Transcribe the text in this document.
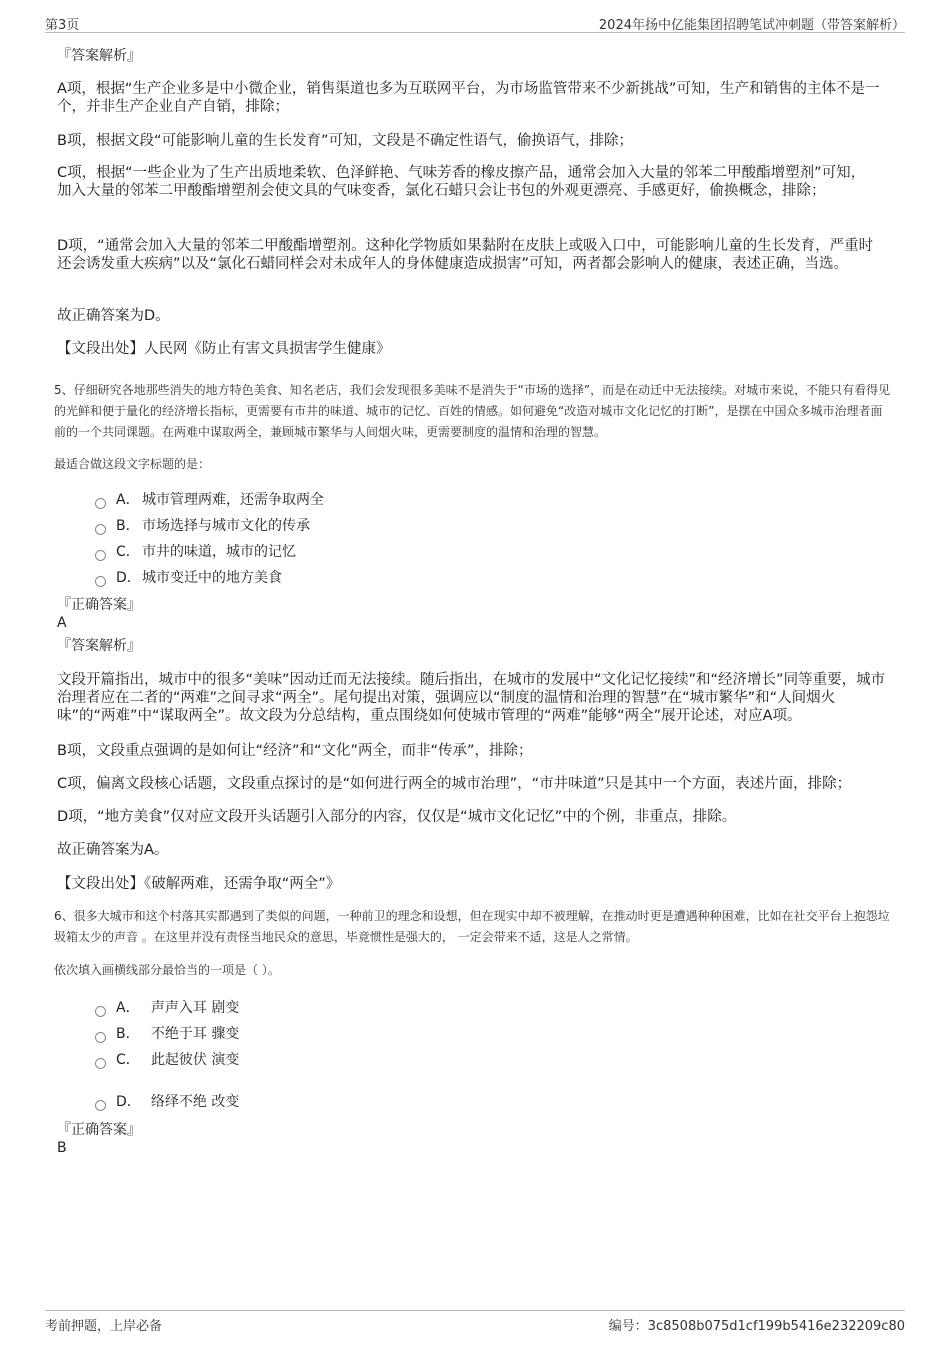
第3页	2024年扬中亿能集团招聘笔试冲刺题（带答案解析）

『答案解析』

A项，根据“生产企业多是中小微企业，销售渠道也多为互联网平台，为市场监管带来不少新挑战”可知，生产和销售的主体不是一个，并非生产企业自产自销，排除；

B项，根据文段“可能影响儿童的生长发育”可知，文段是不确定性语气，偷换语气，排除；

C项，根据“一些企业为了生产出质地柔软、色泽鲜艳、气味芳香的橡皮擦产品，通常会加入大量的邻苯二甲酸酯增塑剂”可知，加入大量的邻苯二甲酸酯增塑剂会使文具的气味变香，氯化石蜡只会让书包的外观更漂亮、手感更好，偷换概念，排除；

D项，“通常会加入大量的邻苯二甲酸酯增塑剂。这种化学物质如果黏附在皮肤上或吸入口中，可能影响儿童的生长发育，严重时还会诱发重大疾病”以及“氯化石蜡同样会对未成年人的身体健康造成损害”可知，两者都会影响人的健康，表述正确，当选。

故正确答案为D。

【文段出处】人民网《防止有害文具损害学生健康》

5、仔细研究各地那些消失的地方特色美食、知名老店，我们会发现很多美味不是消失于“市场的选择”，而是在动迁中无法接续。对城市来说，不能只有看得见的光鲜和便于量化的经济增长指标，更需要有市井的味道、城市的记忆、百姓的情感。如何避免“改造对城市文化记忆的打断”，是摆在中国众多城市治理者面前的一个共同课题。在两难中谋取两全，兼顾城市繁华与人间烟火味，更需要制度的温情和治理的智慧。

最适合做这段文字标题的是：

A． 城市管理两难，还需争取两全
B． 市场选择与城市文化的传承
C． 市井的味道，城市的记忆
D．城市变迁中的地方美食

『正确答案』

A

『答案解析』

文段开篇指出，城市中的很多“美味”因动迁而无法接续。随后指出，在城市的发展中“文化记忆接续”和“经济增长”同等重要，城市治理者应在二者的“两难”之间寻求“两全”。尾句提出对策，强调应以“制度的温情和治理的智慧”在“城市繁华”和“人间烟火味”的“两难”中“谋取两全”。故文段为分总结构，重点围绕如何使城市管理的“两难”能够“两全”展开论述，对应A项。

B项，文段重点强调的是如何让“经济”和“文化”两全，而非“传承”，排除；

C项，偏离文段核心话题，文段重点探讨的是“如何进行两全的城市治理”，“市井味道”只是其中一个方面，表述片面，排除；

D项，“地方美食”仅对应文段开头话题引入部分的内容，仅仅是“城市文化记忆”中的个例，非重点，排除。

故正确答案为A。

【文段出处】《破解两难，还需争取“两全”》

6、很多大城市和这个村落其实都遇到了类似的问题，一种前卫的理念和设想，但在现实中却不被理解，在推动时更是遭遇种种困难，比如在社交平台上抱怨垃圾箱太少的声音 。在这里并没有责怪当地民众的意思，毕竟惯性是强大的， 一定会带来不适，这是人之常情。

依次填入画横线部分最恰当的一项是（ ）。

A． 声声入耳 剧变
B． 不绝于耳 骤变
C． 此起彼伏 演变
D． 络绎不绝 改变

『正确答案』

B

考前押题，上岸必备	编号：3c8508b075d1cf199b5416e232209c80
